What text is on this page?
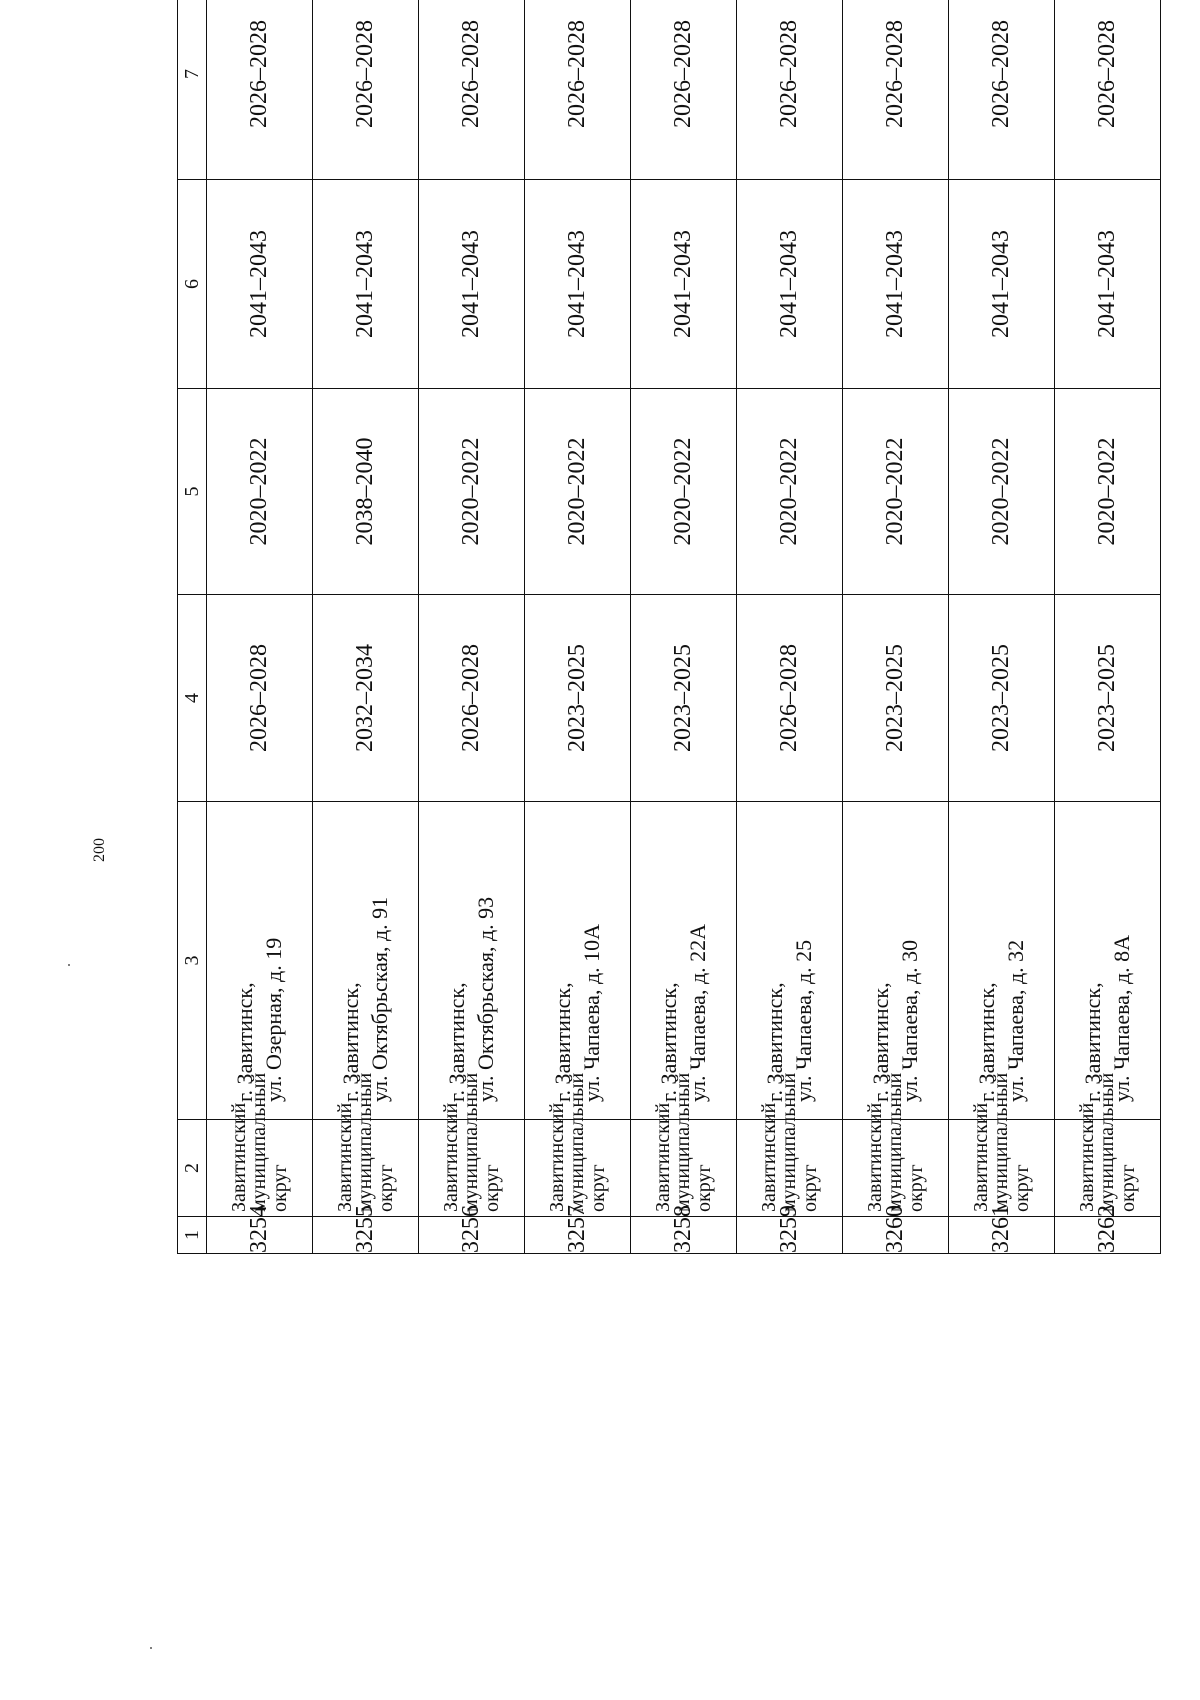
200
1	2	3	4	5	6	7
3254	Завитинский муниципальный округ	г. Завитинск, ул. Озерная, д. 19	2026–2028	2020–2022	2041–2043	2026–2028
3255	Завитинский муниципальный округ	г. Завитинск, ул. Октябрьская, д. 91	2032–2034	2038–2040	2041–2043	2026–2028
3256	Завитинский муниципальный округ	г. Завитинск, ул. Октябрьская, д. 93	2026–2028	2020–2022	2041–2043	2026–2028
3257	Завитинский муниципальный округ	г. Завитинск, ул. Чапаева, д. 10А	2023–2025	2020–2022	2041–2043	2026–2028
3258	Завитинский муниципальный округ	г. Завитинск, ул. Чапаева, д. 22А	2023–2025	2020–2022	2041–2043	2026–2028
3259	Завитинский муниципальный округ	г. Завитинск, ул. Чапаева, д. 25	2026–2028	2020–2022	2041–2043	2026–2028
3260	Завитинский муниципальный округ	г. Завитинск, ул. Чапаева, д. 30	2023–2025	2020–2022	2041–2043	2026–2028
3261	Завитинский муниципальный округ	г. Завитинск, ул. Чапаева, д. 32	2023–2025	2020–2022	2041–2043	2026–2028
3262	Завитинский муниципальный округ	г. Завитинск, ул. Чапаева, д. 8А	2023–2025	2020–2022	2041–2043	2026–2028
